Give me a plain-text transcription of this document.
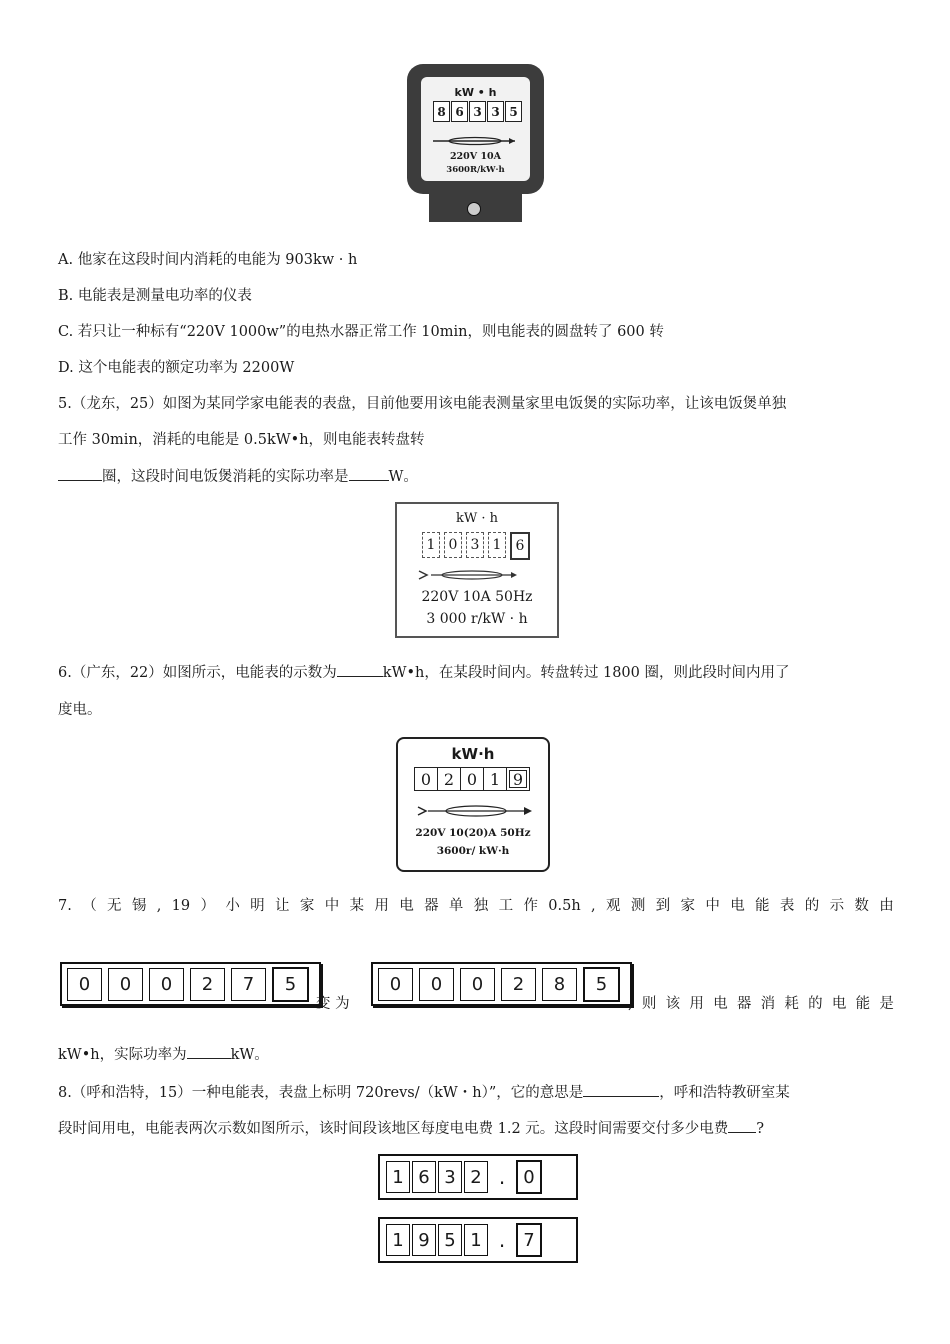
kW • h
8 6 3 3 5
220V 10A
3600R/kW·h
A. 他家在这段时间内消耗的电能为 903kw · h
B. 电能表是测量电功率的仪表
C. 若只让一种标有“220V 1000w”的电热水器正常工作 10min，则电能表的圆盘转了 600 转
D. 这个电能表的额定功率为 2200W
5.（龙东，25）如图为某同学家电能表的表盘，目前他要用该电能表测量家里电饭煲的实际功率，让该电饭煲单独
工作 30min，消耗的电能是 0.5kW•h，则电能表转盘转
圈，这段时间电饭煲消耗的实际功率是	W。
kW · h
1 0 3 1	6
220V 10A 50Hz
3 000 r/kW · h
6.（广东，22）如图所示，电能表的示数为	kW•h，在某段时间内。转盘转过 1800 圈，则此段时间内用了
度电。
kW·h
0 2 0 1 9
220V 10(20)A 50Hz
3600r/ kW·h
7. （ 无 锡 , 19 ） 小 明 让 家 中 某 用 电 器 单 独 工 作 0.5h , 观 测 到 家 中 电 能 表 的 示 数 由
0	0	0	2	7	5
变 为
0	0	0	2	8	5
, 则 该 用 电 器 消 耗 的 电 能 是
kW•h，实际功率为	kW。
8.（呼和浩特，15）一种电能表，表盘上标明 720revs/（kW・h）”，它的意思是	，呼和浩特教研室某
段时间用电，电能表两次示数如图所示，该时间段该地区每度电电费 1.2 元。这段时间需要交付多少电费 ?
1 6 3 2 .	0
1 9 5 1 .	7
